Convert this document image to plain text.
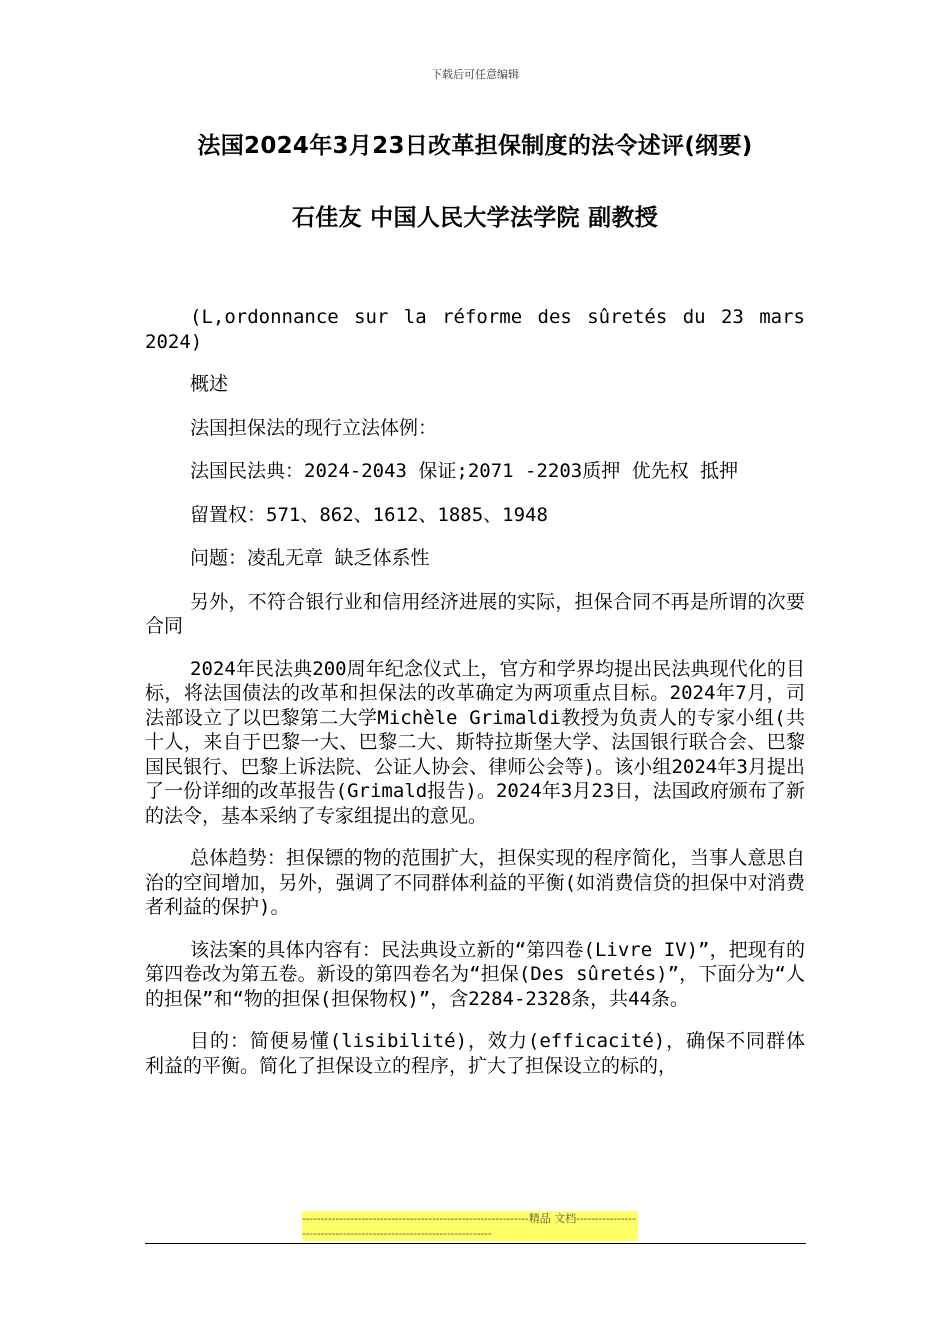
下载后可任意编辑
法国2024年3月23日改革担保制度的法令述评(纲要)
石佳友 中国人民大学法学院 副教授

(L,ordonnance sur la réforme des sûretés du 23 mars 2024)

概述

法国担保法的现行立法体例：

法国民法典：2024-2043 保证;2071 -2203质押 优先权 抵押

留置权：571、862、1612、1885、1948

问题：凌乱无章 缺乏体系性

另外，不符合银行业和信用经济进展的实际，担保合同不再是所谓的次要合同

2024年民法典200周年纪念仪式上，官方和学界均提出民法典现代化的目标，将法国债法的改革和担保法的改革确定为两项重点目标。2024年7月，司法部设立了以巴黎第二大学Michèle Grimaldi教授为负责人的专家小组(共十人，来自于巴黎一大、巴黎二大、斯特拉斯堡大学、法国银行联合会、巴黎国民银行、巴黎上诉法院、公证人协会、律师公会等)。该小组2024年3月提出了一份详细的改革报告(Grimald报告)。2024年3月23日，法国政府颁布了新的法令，基本采纳了专家组提出的意见。

总体趋势：担保镖的物的范围扩大，担保实现的程序简化，当事人意思自治的空间增加，另外，强调了不同群体利益的平衡(如消费信贷的担保中对消费者利益的保护)。

该法案的具体内容有：民法典设立新的“第四卷(Livre IV)”，把现有的第四卷改为第五卷。新设的第四卷名为“担保(Des sûretés)”，下面分为“人的担保”和“物的担保(担保物权)”，含2284-2328条，共44条。

目的：简便易懂(lisibilité)，效力(efficacité)，确保不同群体利益的平衡。简化了担保设立的程序，扩大了担保设立的标的，

-------------------------------------------------------------精品 文档-------------------------------------------------------------------
